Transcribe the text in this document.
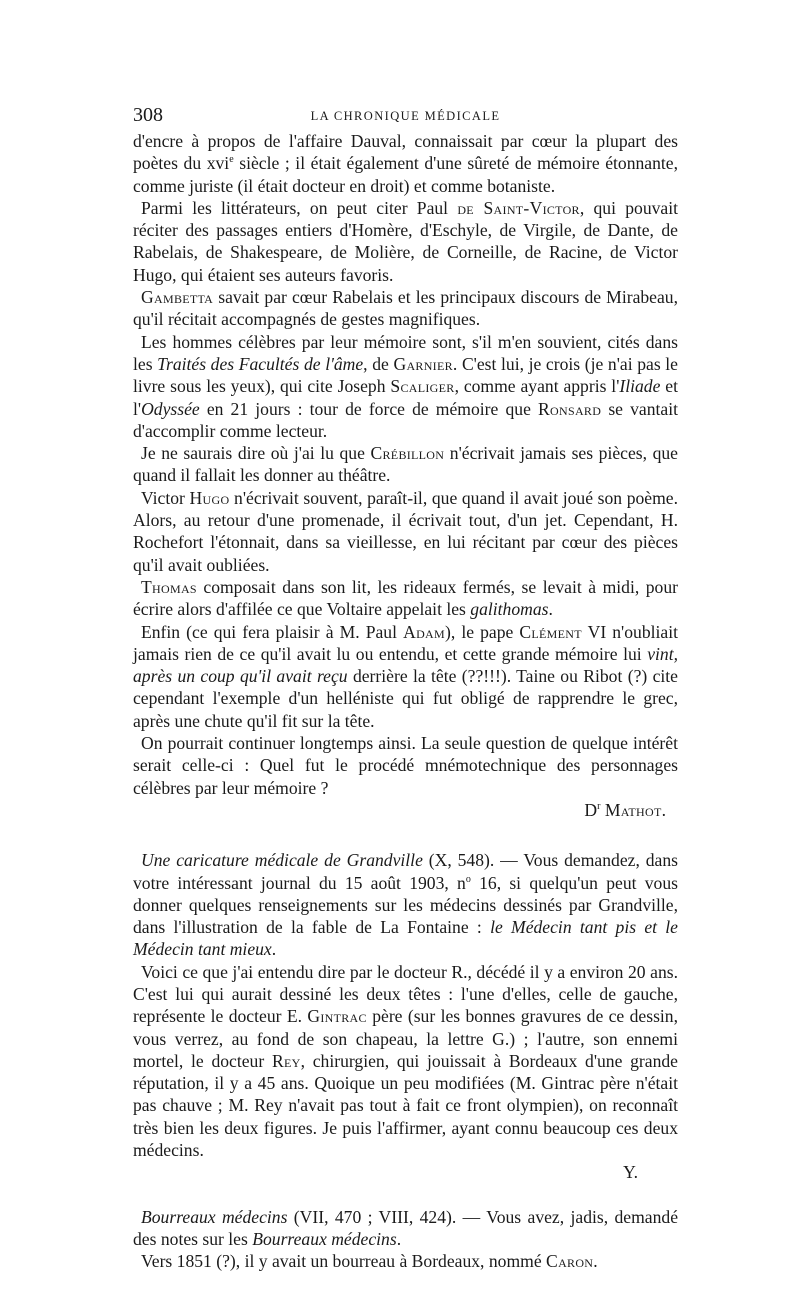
308	LA CHRONIQUE MÉDICALE

d'encre à propos de l'affaire Dauval, connaissait par cœur la plupart des poètes du xvi$^e$ siècle ; il était également d'une sûreté de mémoire étonnante, comme juriste (il était docteur en droit) et comme botaniste.

Parmi les littérateurs, on peut citer Paul de Saint-Victor, qui pouvait réciter des passages entiers d'Homère, d'Eschyle, de Virgile, de Dante, de Rabelais, de Shakespeare, de Molière, de Corneille, de Racine, de Victor Hugo, qui étaient ses auteurs favoris.

Gambetta savait par cœur Rabelais et les principaux discours de Mirabeau, qu'il récitait accompagnés de gestes magnifiques.

Les hommes célèbres par leur mémoire sont, s'il m'en souvient, cités dans les Traités des Facultés de l'âme, de Garnier. C'est lui, je crois (je n'ai pas le livre sous les yeux), qui cite Joseph Scaliger, comme ayant appris l'Iliade et l'Odyssée en 21 jours : tour de force de mémoire que Ronsard se vantait d'accomplir comme lecteur.

Je ne saurais dire où j'ai lu que Crébillon n'écrivait jamais ses pièces, que quand il fallait les donner au théâtre.

Victor Hugo n'écrivait souvent, paraît-il, que quand il avait joué son poème. Alors, au retour d'une promenade, il écrivait tout, d'un jet. Cependant, H. Rochefort l'étonnait, dans sa vieillesse, en lui récitant par cœur des pièces qu'il avait oubliées.

Thomas composait dans son lit, les rideaux fermés, se levait à midi, pour écrire alors d'affilée ce que Voltaire appelait les galithomas.

Enfin (ce qui fera plaisir à M. Paul Adam), le pape Clément VI n'oubliait jamais rien de ce qu'il avait lu ou entendu, et cette grande mémoire lui vint, après un coup qu'il avait reçu derrière la tête (??!!!). Taine ou Ribot (?) cite cependant l'exemple d'un helléniste qui fut obligé de rapprendre le grec, après une chute qu'il fit sur la tête.

On pourrait continuer longtemps ainsi. La seule question de quelque intérêt serait celle-ci : Quel fut le procédé mnémotechnique des personnages célèbres par leur mémoire ?

$D^r$ Mathot.

Une caricature médicale de Grandville (X, 548). — Vous demandez, dans votre intéressant journal du 15 août 1903, $n^o$ 16, si quelqu'un peut vous donner quelques renseignements sur les médecins dessinés par Grandville, dans l'illustration de la fable de La Fontaine : le Médecin tant pis et le Médecin tant mieux.

Voici ce que j'ai entendu dire par le docteur R., décédé il y a environ 20 ans. C'est lui qui aurait dessiné les deux têtes : l'une d'elles, celle de gauche, représente le docteur E. Gintrac père (sur les bonnes gravures de ce dessin, vous verrez, au fond de son chapeau, la lettre G.) ; l'autre, son ennemi mortel, le docteur Rey, chirurgien, qui jouissait à Bordeaux d'une grande réputation, il y a 45 ans. Quoique un peu modifiées (M. Gintrac père n'était pas chauve ; M. Rey n'avait pas tout à fait ce front olympien), on reconnaît très bien les deux figures. Je puis l'affirmer, ayant connu beaucoup ces deux médecins.

Y.

Bourreaux médecins (VII, 470 ; VIII, 424). — Vous avez, jadis, demandé des notes sur les Bourreaux médecins.

Vers 1851 (?), il y avait un bourreau à Bordeaux, nommé Caron.
